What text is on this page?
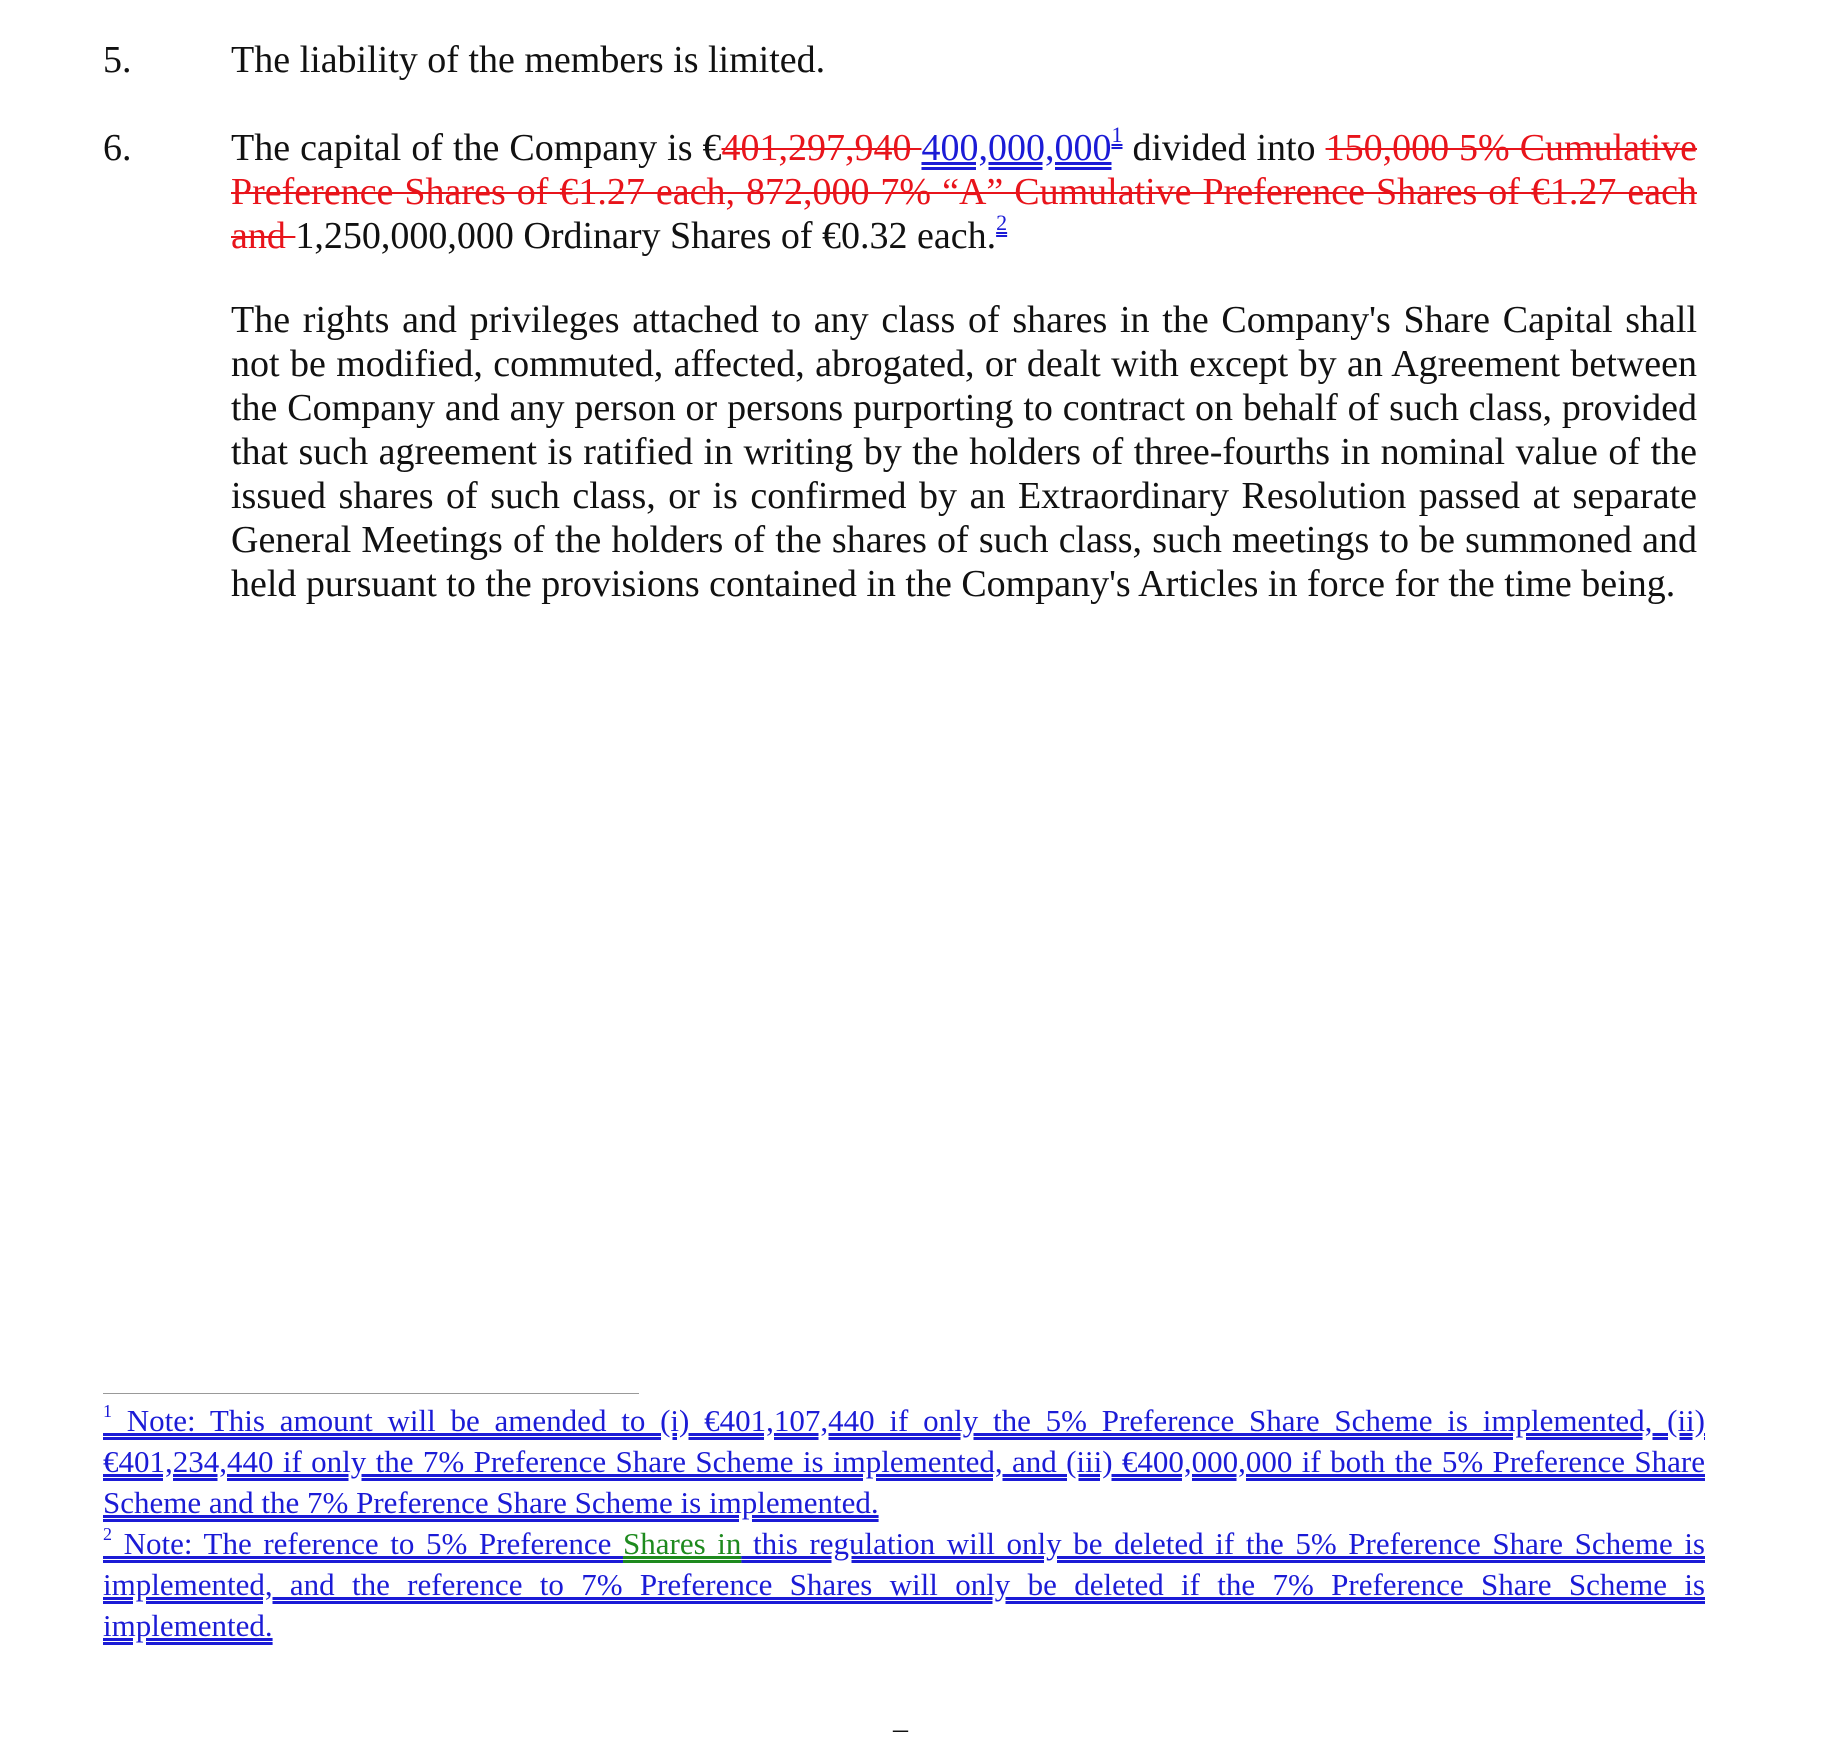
5.	The liability of the members is limited.
6.	The capital of the Company is €401,297,940 400,000,000$^1$ divided into 150,000 5% Cumulative Preference Shares of €1.27 each, 872,000 7% “A” Cumulative Preference Shares of €1.27 each and 1,250,000,000 Ordinary Shares of €0.32 each.$^2$
The rights and privileges attached to any class of shares in the Company's Share Capital shall not be modified, commuted, affected, abrogated, or dealt with except by an Agreement between the Company and any person or persons purporting to contract on behalf of such class, provided that such agreement is ratified in writing by the holders of three-fourths in nominal value of the issued shares of such class, or is confirmed by an Extraordinary Resolution passed at separate General Meetings of the holders of the shares of such class, such meetings to be summoned and held pursuant to the provisions contained in the Company's Articles in force for the time being.
$^1$ Note: This amount will be amended to (i) €401,107,440 if only the 5% Preference Share Scheme is implemented, (ii) €401,234,440 if only the 7% Preference Share Scheme is implemented, and (iii) €400,000,000 if both the 5% Preference Share Scheme and the 7% Preference Share Scheme is implemented.
$^2$ Note: The reference to 5% Preference Shares in this regulation will only be deleted if the 5% Preference Share Scheme is implemented, and the reference to 7% Preference Shares will only be deleted if the 7% Preference Share Scheme is implemented.
–
